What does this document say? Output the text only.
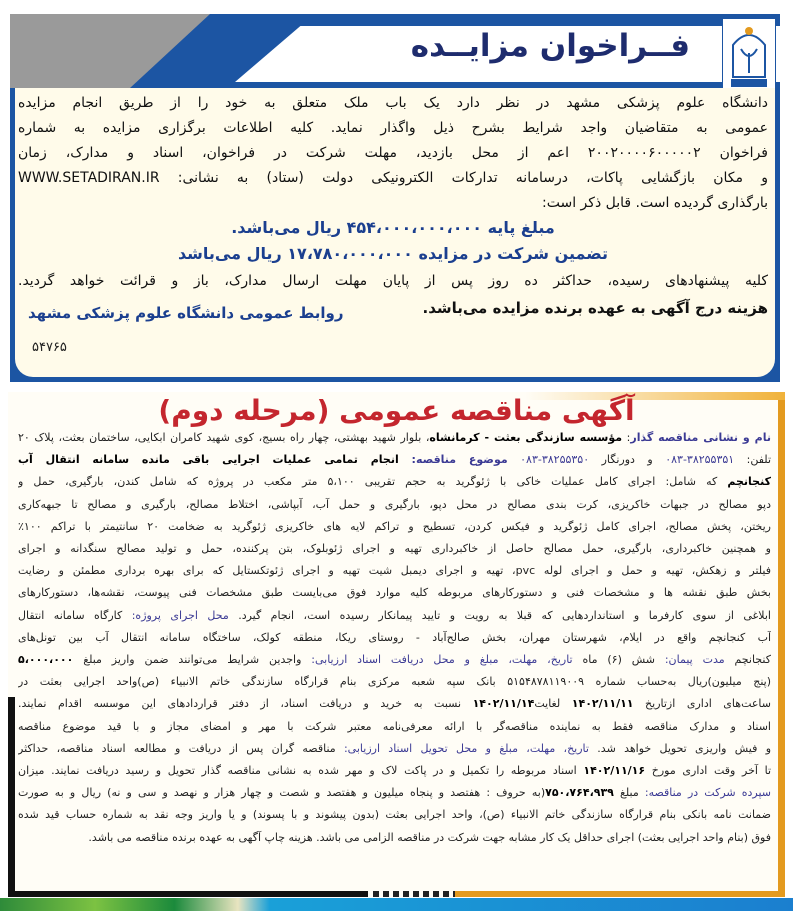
فــراخوان مزایــده
دانشگاه علوم پزشکی مشهد در نظر دارد یک باب ملک متعلق به خود را از طریق انجام مزایده
عمومی به متقاضیان واجد شرایط بشرح ذیل واگذار نماید. کلیه اطلاعات برگزاری مزایده به شماره
فراخوان ۲۰۰۲۰۰۰۰۶۰۰۰۰۰۲ اعم از محل بازدید، مهلت شرکت در فراخوان، اسناد و مدارک، زمان
و مکان بازگشایی پاکات، درسامانه تدارکات الکترونیکی دولت (ستاد) به نشانی: WWW.SETADIRAN.IR
بارگذاری گردیده است. قابل ذکر است:
مبلغ پایه ۴۵۴،۰۰۰،۰۰۰،۰۰۰ ریال می‌باشد.
تضمین شرکت در مزایده ۱۷،۷۸۰،۰۰۰،۰۰۰ ریال می‌باشد
کلیه پیشنهادهای رسیده، حداکثر ده روز پس از پایان مهلت ارسال مدارک، باز و قرائت خواهد گردید.
هزینه درج آگهی به عهده برنده مزایده می‌باشد.
روابط عمومی دانشگاه علوم پزشکی مشهد
۵۴۷۶۵
آگهی مناقصه عمومی (مرحله دوم)
نام و نشانی مناقصه گذار: مؤسسه سازندگی بعثت - کرمانشاه، بلوار شهید بهشتی، چهار راه بسیج، کوی شهید کامران ابکایی، ساختمان بعثت، پلاک ۲۰
تلفن: ۳۸۲۵۵۳۵۱-۰۸۳ و دورنگار ۳۸۲۵۵۳۵۰-۰۸۳ موضوع مناقصه: انجام تمامی عملیات اجرایی باقی مانده سامانه انتقال آب
کنجانچم که شامل: اجرای کامل عملیات خاکی با ژئوگرید به حجم تقریبی ۵،۱۰۰ متر مکعب در پروژه که شامل کندن، بارگیری، حمل و
دپو مصالح در جبهات خاکریزی، کرت بندی مصالح در محل دپو، بارگیری و حمل آب، آبپاشی، اختلاط مصالح، بارگیری و مصالح تا جبهه‌کاری
ریختن، پخش مصالح، اجرای کامل ژئوگرید و فیکس کردن، تسطیح و تراکم لایه های خاکریزی ژئوگرید به ضخامت ۲۰ سانتیمتر با تراکم ۱۰۰٪
و همچنین خاکبرداری، بارگیری، حمل مصالح حاصل از خاکبرداری تهیه و اجرای ژئوبلوک، بتن پرکننده، حمل و تولید مصالح سنگدانه و اجرای
فیلتر و زهکش، تهیه و حمل و اجرای لوله pvc، تهیه و اجرای دیمبل شیت تهیه و اجرای ژئوتکستایل که برای بهره برداری مطمئن و رضایت
بخش طبق نقشه ها و مشخصات فنی و دستورکارهای مربوطه کلیه موارد فوق می‌بایست طبق مشخصات فنی پیوست، نقشه‌ها، دستورکارهای
ابلاغی از سوی کارفرما و استانداردهایی که قبلا به رویت و تایید پیمانکار رسیده است، انجام گیرد. محل اجرای پروژه: کارگاه سامانه انتقال
آب کنجانچم واقع در ایلام، شهرستان مهران، بخش صالح‌آباد - روستای ریکا، منطقه کولک، ساختگاه سامانه انتقال آب بین تونل‌های
کنجانچم مدت پیمان: شش (۶) ماه تاریخ، مهلت، مبلغ و محل دریافت اسناد ارزیابی: واجدین شرایط می‌توانند ضمن واریز مبلغ ۵،۰۰۰،۰۰۰
(پنج میلیون)ریال به‌حساب شماره ۵۱۵۴۸۷۸۱۱۹۰۰۹ بانک سپه شعبه مرکزی بنام قرارگاه سازندگی خاتم الانبیاء (ص)واحد اجرایی بعثت در
ساعت‌های اداری ازتاریخ ۱۴۰۲/۱۱/۱۱ لغایت۱۴۰۲/۱۱/۱۴ نسبت به خرید و دریافت اسناد، از دفتر قراردادهای این موسسه اقدام نمایند.
اسناد و مدارک مناقصه فقط به نماینده مناقصه‌گر با ارائه معرفی‌نامه معتبر شرکت با مهر و امضای مجاز و با قید موضوع مناقصه
و فیش واریزی تحویل خواهد شد. تاریخ، مهلت، مبلغ و محل تحویل اسناد ارزیابی: مناقصه گران پس از دریافت و مطالعه اسناد مناقصه، حداکثر
تا آخر وقت اداری مورخ ۱۴۰۲/۱۱/۱۶ اسناد مربوطه را تکمیل و در پاکت لاک و مهر شده به نشانی مناقصه گذار تحویل و رسید دریافت نمایند. میزان
سپرده شرکت در مناقصه: مبلغ ۷۵۰،۷۶۴،۹۳۹(به حروف : هفتصد و پنجاه میلیون و هفتصد و شصت و چهار هزار و نهصد و سی و نه) ریال و به صورت
ضمانت نامه بانکی بنام قرارگاه سازندگی خاتم الانبیاء (ص)، واحد اجرایی بعثت (بدون پیشوند و با پسوند) و یا واریز وجه نقد به شماره حساب قید شده
فوق (بنام واحد اجرایی بعثت) اجرای حداقل یک کار مشابه جهت شرکت در مناقصه الزامی می باشد. هزینه چاپ آگهی به عهده برنده مناقصه می باشد.
